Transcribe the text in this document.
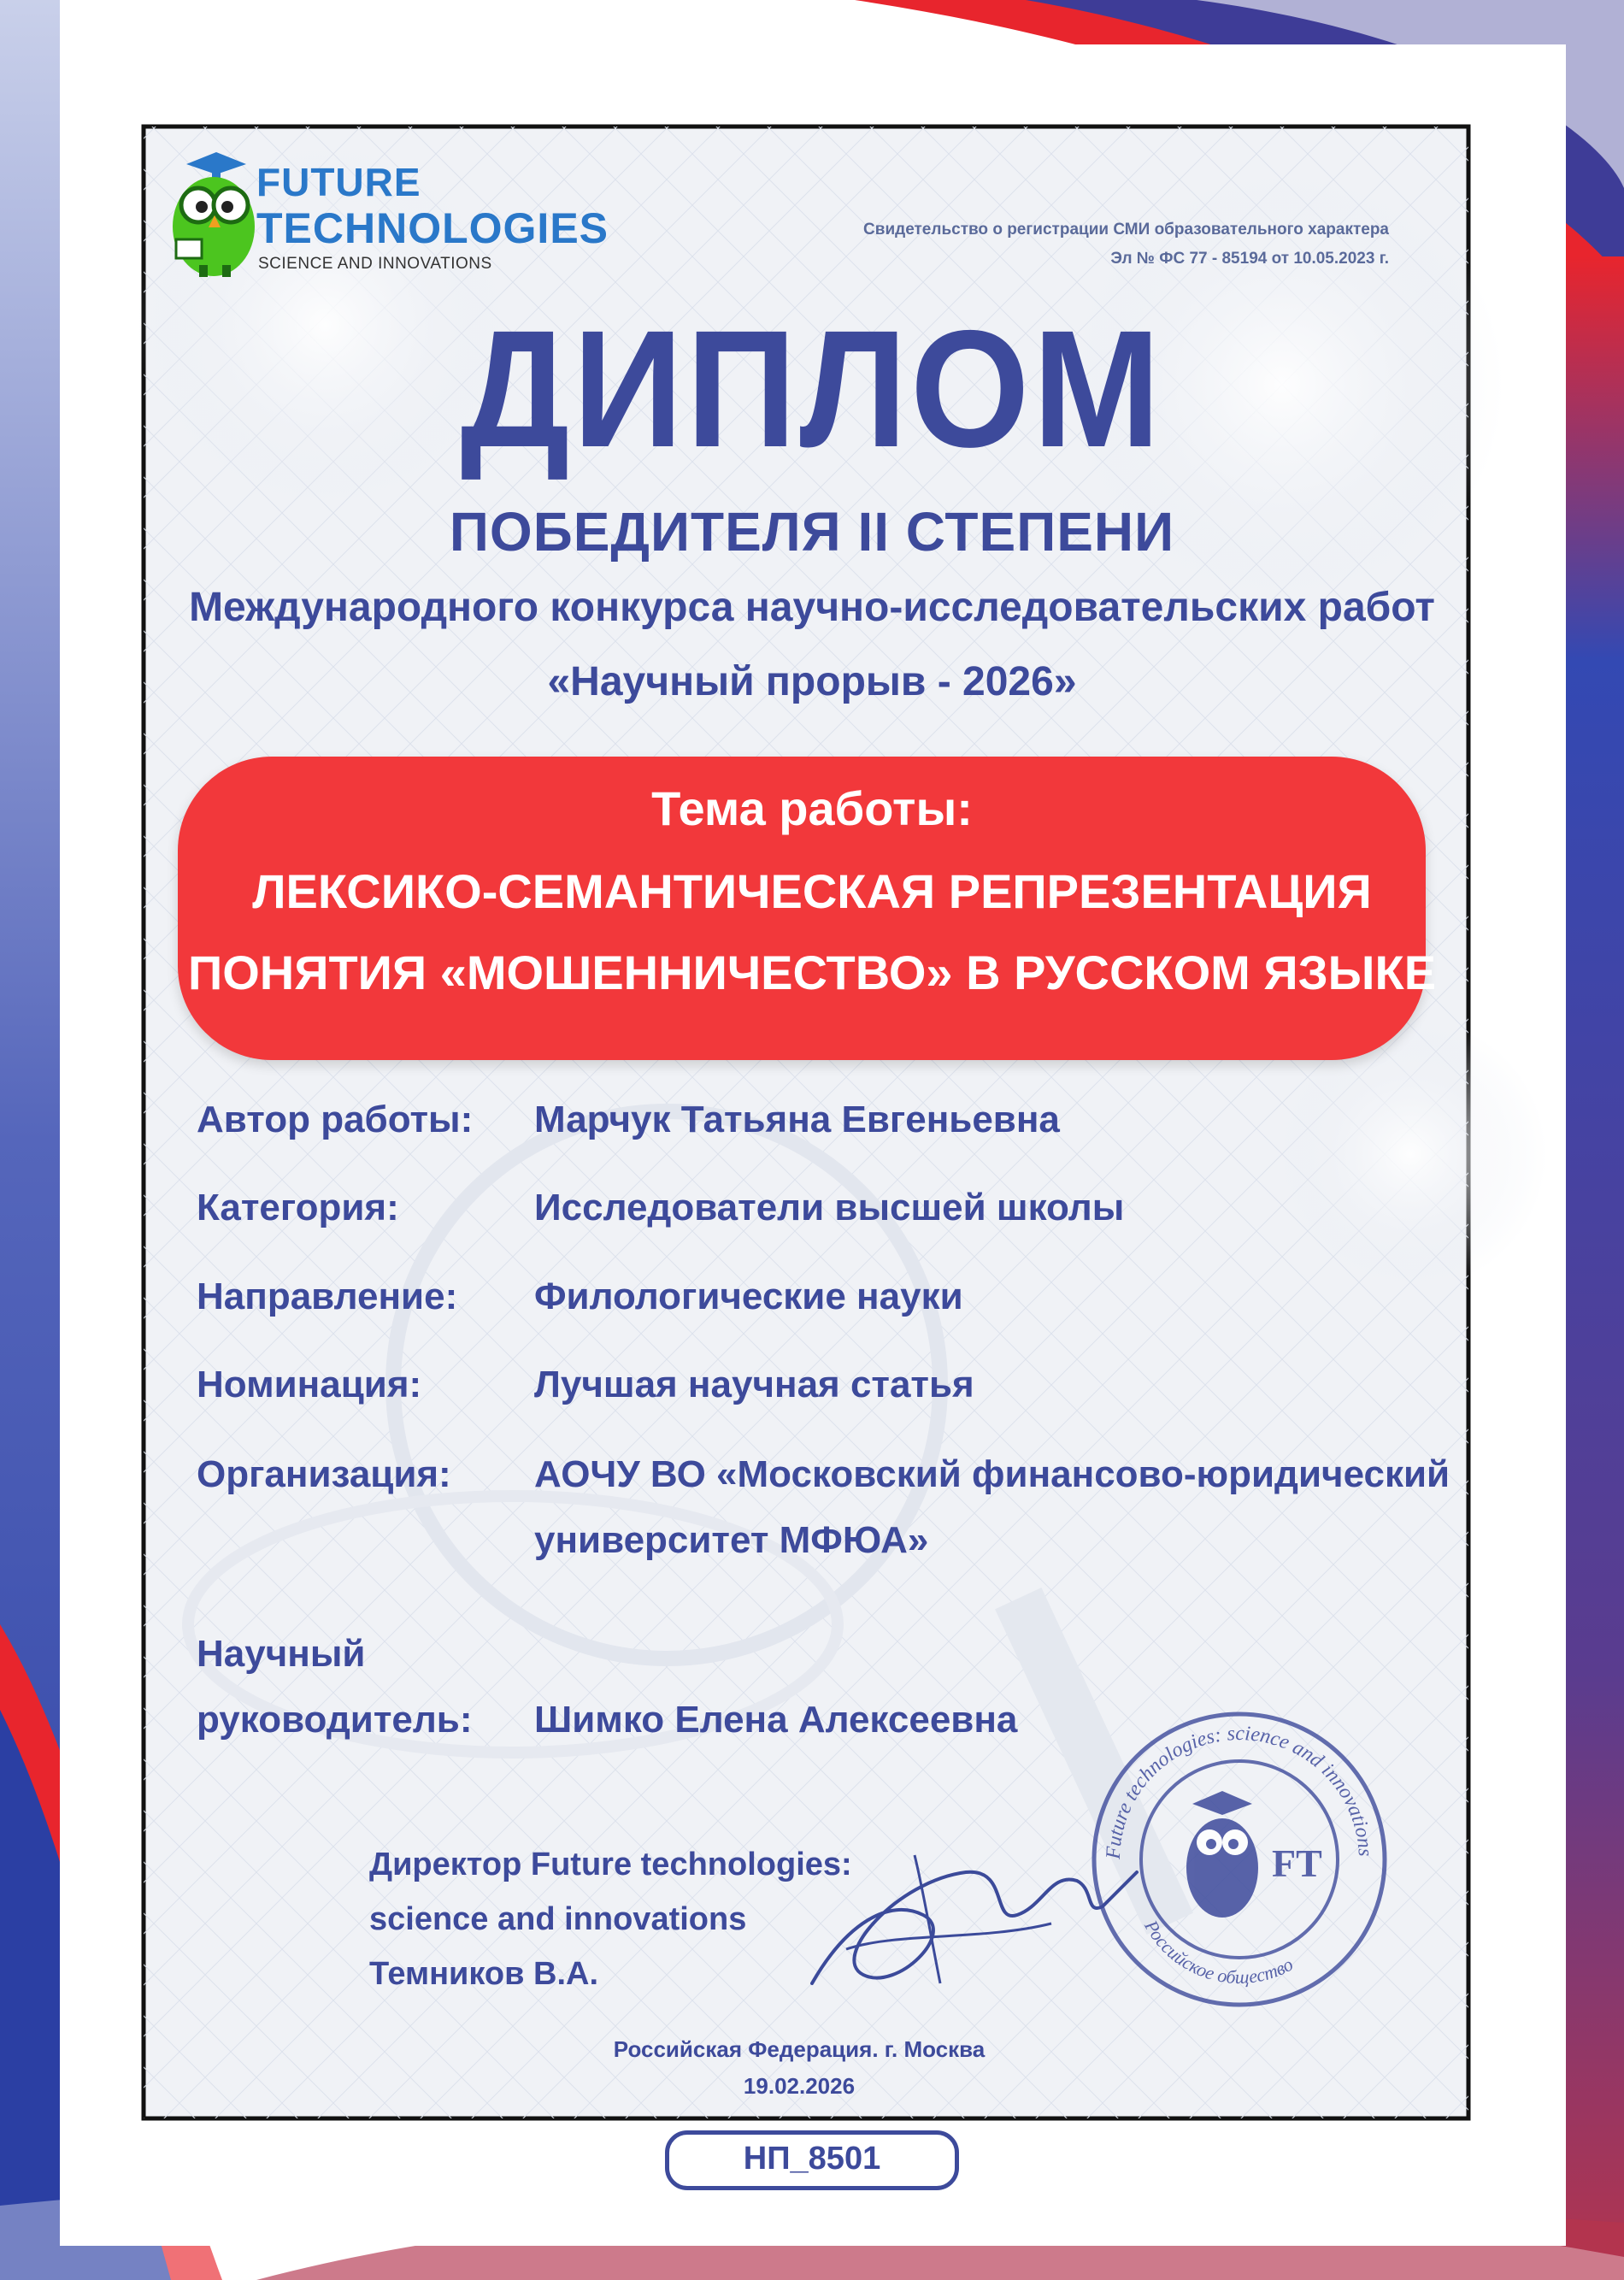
FUTURE
TECHNOLOGIES
SCIENCE AND INNOVATIONS
Свидетельство о регистрации СМИ образовательного характера
Эл № ФС 77 - 85194 от 10.05.2023 г.
ДИПЛОМ
ПОБЕДИТЕЛЯ II СТЕПЕНИ
Международного конкурса научно-исследовательских работ
«Научный прорыв - 2026»
Тема работы:
ЛЕКСИКО-СЕМАНТИЧЕСКАЯ РЕПРЕЗЕНТАЦИЯ
ПОНЯТИЯ «МОШЕННИЧЕСТВО» В РУССКОМ ЯЗЫКЕ
Автор работы: Марчук Татьяна Евгеньевна
Категория:	Исследователи высшей школы
Направление: Филологические науки
Номинация:	Лучшая научная статья
Организация: АОЧУ ВО «Московский финансово-юридический
университет МФЮА»
Научный
руководитель: Шимко Елена Алексеевна
Директор Future technologies:
science and innovations
Темников В.А.
Future technologies: science and innovations
Российское общество
FT
Российская Федерация. г. Москва
19.02.2026
НП_8501
